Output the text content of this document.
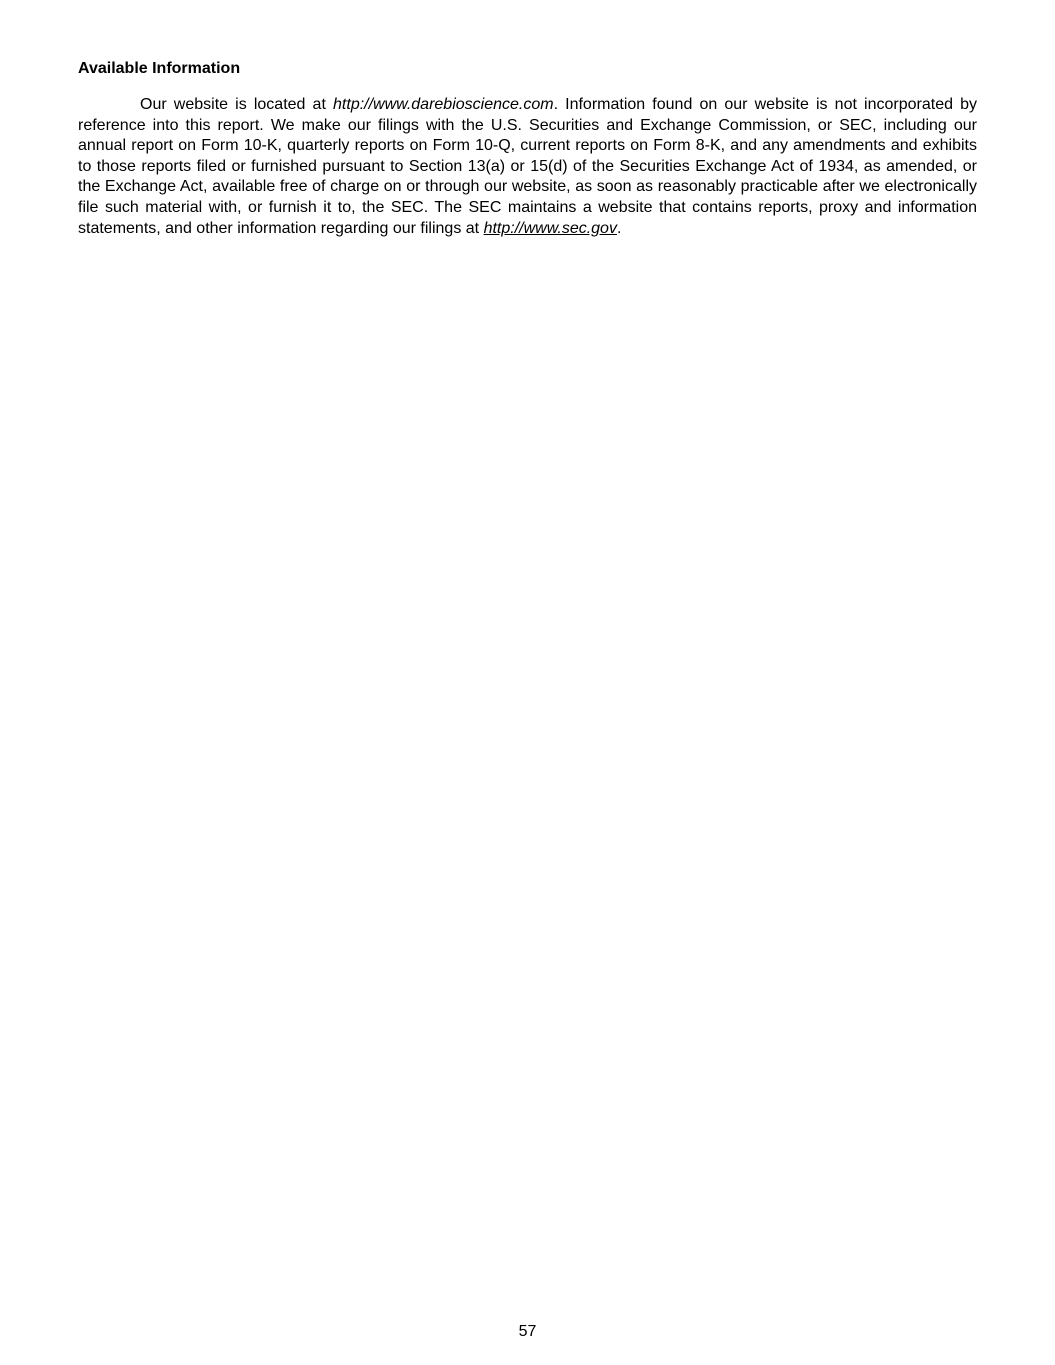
Available Information

Our website is located at http://www.darebioscience.com. Information found on our website is not incorporated by reference into this report. We make our filings with the U.S. Securities and Exchange Commission, or SEC, including our annual report on Form 10-K, quarterly reports on Form 10-Q, current reports on Form 8-K, and any amendments and exhibits to those reports filed or furnished pursuant to Section 13(a) or 15(d) of the Securities Exchange Act of 1934, as amended, or the Exchange Act, available free of charge on or through our website, as soon as reasonably practicable after we electronically file such material with, or furnish it to, the SEC. The SEC maintains a website that contains reports, proxy and information statements, and other information regarding our filings at http://www.sec.gov.

57
